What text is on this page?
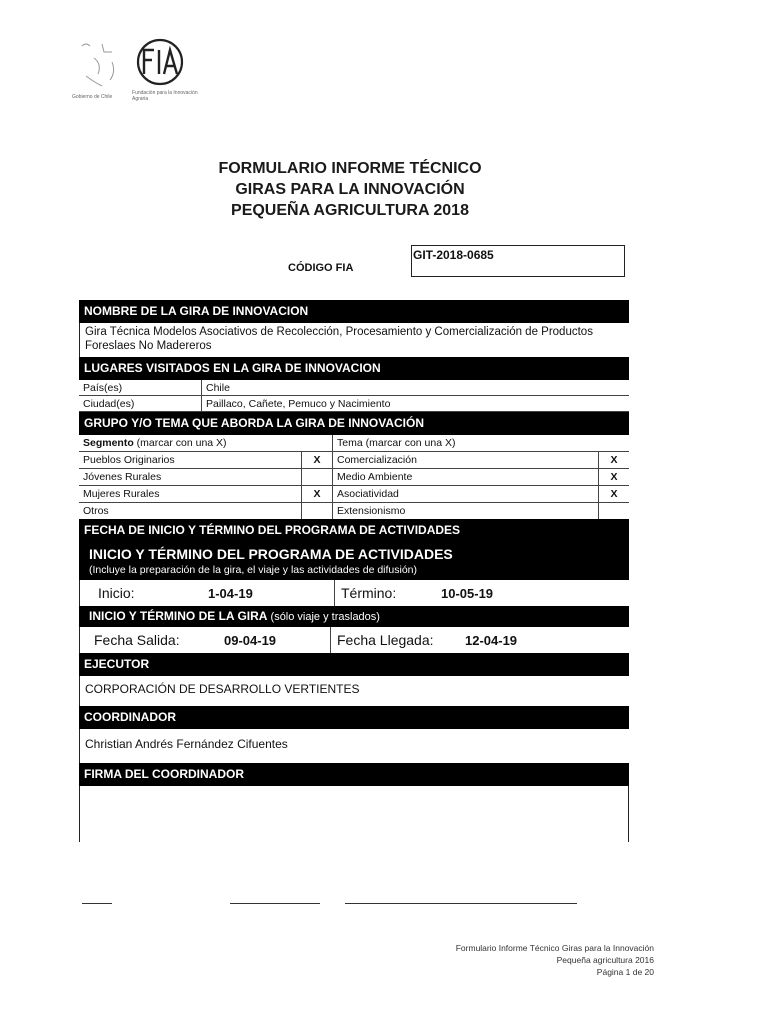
Gobierno de Chile
Fundación para la Innovación Agraria
FORMULARIO INFORME TÉCNICO
GIRAS PARA LA INNOVACIÓN
PEQUEÑA AGRICULTURA 2018
CÓDIGO FIA
GIT-2018-0685
NOMBRE DE LA GIRA DE INNOVACION
Gira Técnica Modelos Asociativos de Recolección, Procesamiento y Comercialización de Productos Foreslaes No Madereros
LUGARES VISITADOS EN LA GIRA DE INNOVACION
País(es)	Chile
Ciudad(es)	Paillaco, Cañete, Pemuco y Nacimiento
GRUPO Y/O TEMA QUE ABORDA LA GIRA DE INNOVACIÓN
Segmento (marcar con una X)		Tema (marcar con una X)	
Pueblos Originarios	X	Comercialización	X
Jóvenes Rurales		Medio Ambiente	X
Mujeres Rurales	X	Asociatividad	X
Otros		Extensionismo	
FECHA DE INICIO Y TÉRMINO DEL PROGRAMA DE ACTIVIDADES
INICIO Y TÉRMINO DEL PROGRAMA DE ACTIVIDADES
(Incluye la preparación de la gira, el viaje y las actividades de difusión)
Inicio:	1-04-19	Término:	10-05-19
INICIO Y TÉRMINO DE LA GIRA (sólo viaje y traslados)
Fecha Salida:	09-04-19	Fecha Llegada:	12-04-19
EJECUTOR
CORPORACIÓN DE DESARROLLO VERTIENTES
COORDINADOR
Christian Andrés Fernández Cifuentes
FIRMA DEL COORDINADOR
Formulario Informe Técnico Giras para la Innovación
Pequeña agricultura 2016
Página 1 de 20
